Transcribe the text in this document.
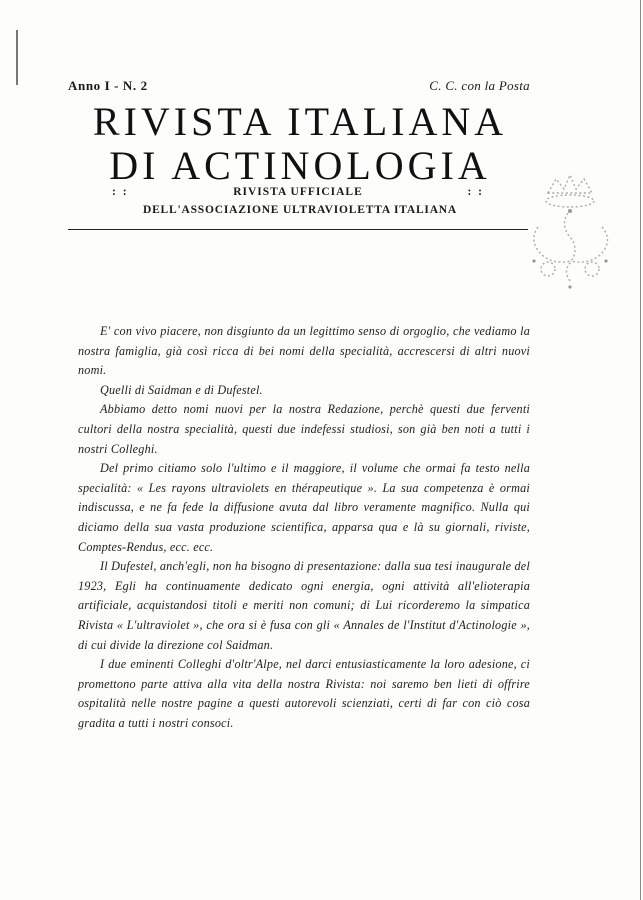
Anno I - N. 2	C. C. con la Posta
RIVISTA ITALIANA
DI ACTINOLOGIA
: :	RIVISTA UFFICIALE	: :
DELL'ASSOCIAZIONE ULTRAVIOLETTA ITALIANA

E' con vivo piacere, non disgiunto da un legittimo senso di orgoglio, che vediamo la nostra famiglia, già così ricca di bei nomi della specialità, accrescersi di altri nuovi nomi.

Quelli di Saidman e di Dufestel.

Abbiamo detto nomi nuovi per la nostra Redazione, perchè questi due ferventi cultori della nostra specialità, questi due indefessi studiosi, son già ben noti a tutti i nostri Colleghi.

Del primo citiamo solo l'ultimo e il maggiore, il volume che ormai fa testo nella specialità: « Les rayons ultraviolets en thérapeutique ». La sua competenza è ormai indiscussa, e ne fa fede la diffusione avuta dal libro veramente magnifico. Nulla qui diciamo della sua vasta produzione scientifica, apparsa qua e là su giornali, riviste, Comptes-Rendus, ecc. ecc.

Il Dufestel, anch'egli, non ha bisogno di presentazione: dalla sua tesi inaugurale del 1923, Egli ha continuamente dedicato ogni energia, ogni attività all'elioterapia artificiale, acquistandosi titoli e meriti non comuni; di Lui ricorderemo la simpatica Rivista « L'ultraviolet », che ora si è fusa con gli « Annales de l'Institut d'Actinologie », di cui divide la direzione col Saidman.

I due eminenti Colleghi d'oltr'Alpe, nel darci entusiasticamente la loro adesione, ci promettono parte attiva alla vita della nostra Rivista: noi saremo ben lieti di offrire ospitalità nelle nostre pagine a questi autorevoli scienziati, certi di far con ciò cosa gradita a tutti i nostri consoci.
